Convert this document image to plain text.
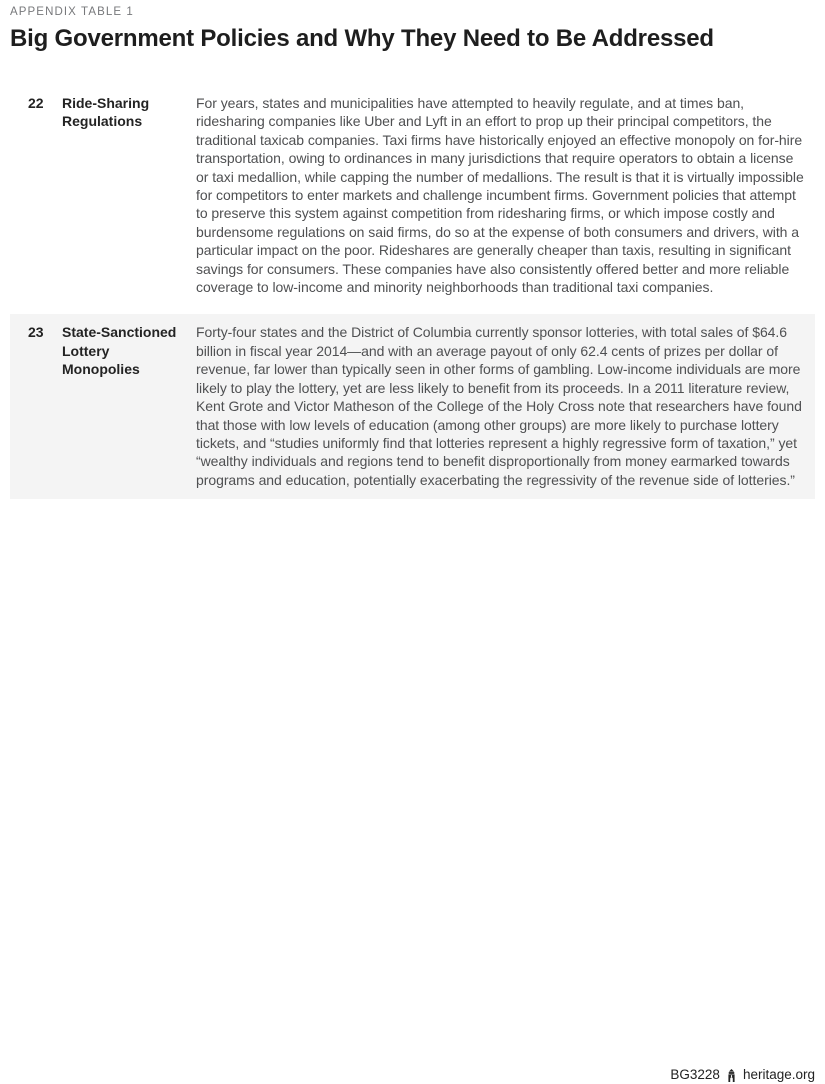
APPENDIX TABLE 1
Big Government Policies and Why They Need to Be Addressed
22	Ride-Sharing Regulations
For years, states and municipalities have attempted to heavily regulate, and at times ban, ridesharing companies like Uber and Lyft in an effort to prop up their principal competitors, the traditional taxicab companies. Taxi firms have historically enjoyed an effective monopoly on for-hire transportation, owing to ordinances in many jurisdictions that require operators to obtain a license or taxi medallion, while capping the number of medallions. The result is that it is virtually impossible for competitors to enter markets and challenge incumbent firms. Government policies that attempt to preserve this system against competition from ridesharing firms, or which impose costly and burdensome regulations on said firms, do so at the expense of both consumers and drivers, with a particular impact on the poor. Rideshares are generally cheaper than taxis, resulting in significant savings for consumers. These companies have also consistently offered better and more reliable coverage to low-income and minority neighborhoods than traditional taxi companies.
23	State-Sanctioned Lottery Monopolies
Forty-four states and the District of Columbia currently sponsor lotteries, with total sales of $64.6 billion in fiscal year 2014—and with an average payout of only 62.4 cents of prizes per dollar of revenue, far lower than typically seen in other forms of gambling. Low-income individuals are more likely to play the lottery, yet are less likely to benefit from its proceeds. In a 2011 literature review, Kent Grote and Victor Matheson of the College of the Holy Cross note that researchers have found that those with low levels of education (among other groups) are more likely to purchase lottery tickets, and “studies uniformly find that lotteries represent a highly regressive form of taxation,” yet “wealthy individuals and regions tend to benefit disproportionally from money earmarked towards programs and education, potentially exacerbating the regressivity of the revenue side of lotteries.”
BG3228 heritage.org
